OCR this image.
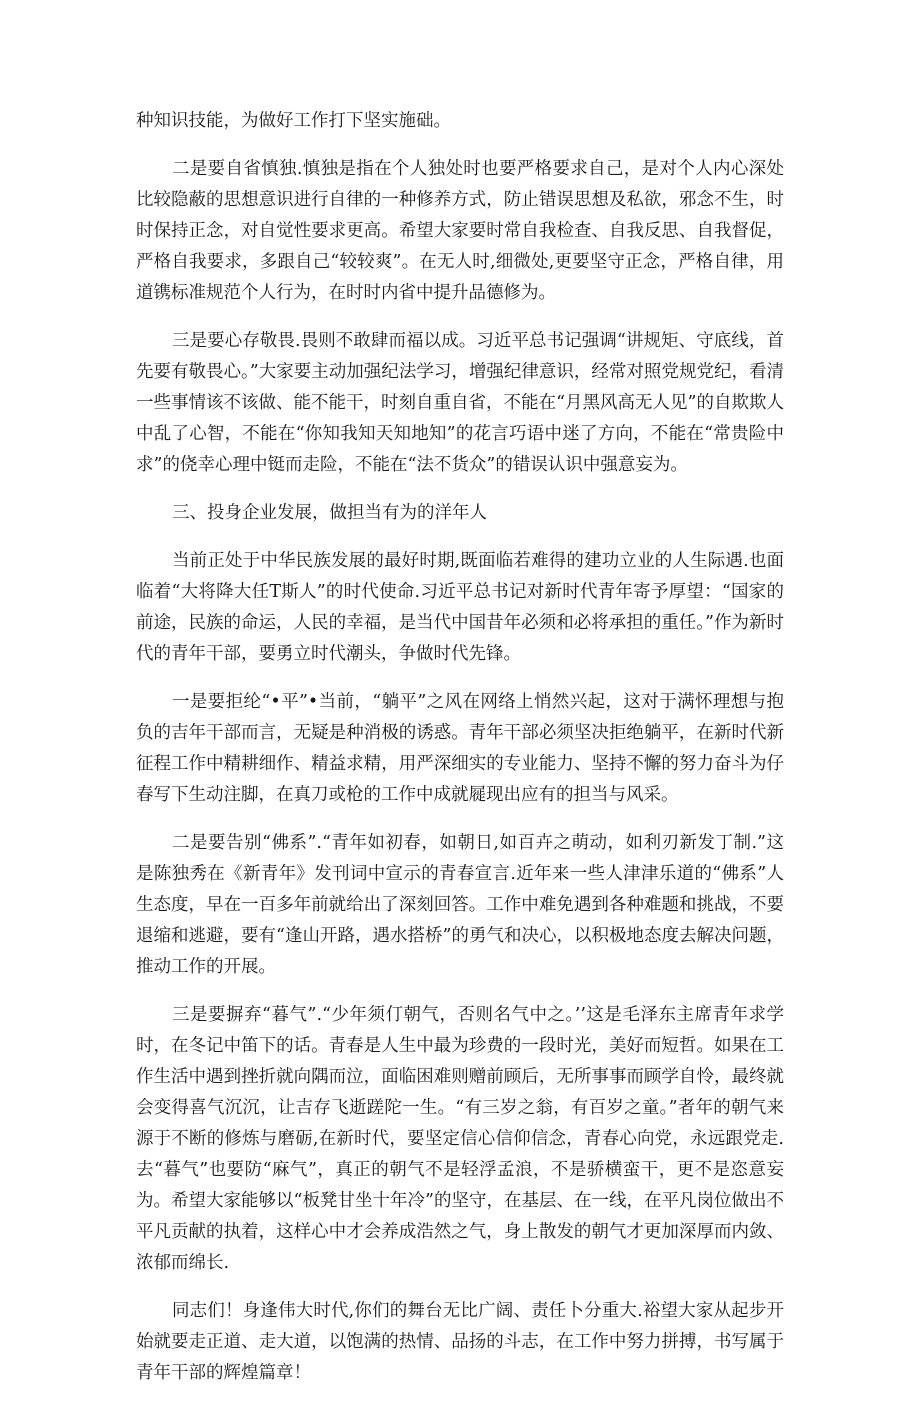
种知识技能，为做好工作打下坚实施础。

二是要自省慎独.慎独是指在个人独处时也要严格要求自己，是对个人内心深处比较隐蔽的思想意识进行自律的一种修养方式，防止错误思想及私欲，邪念不生，时时保持正念，对自觉性要求更高。希望大家要时常自我检查、自我反思、自我督促，严格自我要求，多跟自己“较较爽”。在无人时,细微处,更要坚守正念，严格自律，用道镌标准规范个人行为，在时时内省中提升品德修为。

三是要心存敬畏.畏则不敢肆而福以成。习近平总书记强调“讲规矩、守底线，首先要有敬畏心。”大家要主动加强纪法学习，增强纪律意识，经常对照党规党纪，看清一些事情该不该做、能不能干，时刻自重自省，不能在“月黑风高无人见”的自欺欺人中乱了心智，不能在“你知我知天知地知”的花言巧语中迷了方向，不能在“常贵险中求”的侥幸心理中铤而走险，不能在“法不货众”的错误认识中强意妄为。

三、投身企业发展，做担当有为的洋年人

当前正处于中华民族发展的最好时期,既面临若难得的建功立业的人生际遇.也面临着“大将降大任T斯人”的时代使命.习近平总书记对新时代青年寄予厚望：“国家的前途，民族的命运，人民的幸福，是当代中国昔年必须和必将承担的重任。”作为新时代的青年干部，要勇立时代潮头，争做时代先锋。

一是要拒纶“•平”•当前，“躺平”之风在网络上悄然兴起，这对于满怀理想与抱负的吉年干部而言，无疑是种消极的诱惑。青年干部必须坚决拒绝躺平，在新时代新征程工作中精耕细作、精益求精，用严深细实的专业能力、坚持不懈的努力奋斗为仔春写下生动注脚，在真刀或枪的工作中成就屣现出应有的担当与风采。

二是要告别“佛系”.“青年如初春，如朝日,如百卉之萌动，如利刃新发丁制.”这是陈独秀在《新青年》发刊词中宣示的青春宣言.近年来一些人津津乐道的“佛系”人生态度，早在一百多年前就给出了深刻回答。工作中难免遇到各种难题和挑战，不要退缩和逃避，要有“逢山开路，遇水搭桥”的勇气和决心，以积极地态度去解决问题，推动工作的开展。

三是要摒弃“暮气”.“少年须仃朝气，否则名气中之。’’这是毛泽东主席青年求学时，在冬记中笛下的话。青春是人生中最为珍费的一段时光，美好而短哲。如果在工作生活中遇到挫折就向隅而泣，面临困难则赠前顾后，无所事事而顾学自怜，最终就会变得喜气沉沉，让吉存飞逝蹉陀一生。“有三岁之翁，有百岁之童。”者年的朝气来源于不断的修炼与磨砺,在新时代，要坚定信心信仰信念，青春心向党，永远跟党走.去“暮气”也要防“麻气”，真正的朝气不是轻浮孟浪，不是骄横蛮干，更不是恣意妄为。希望大家能够以“板凳甘坐十年冷”的坚守，在基层、在一线，在平凡岗位做出不平凡贡献的执着，这样心中才会养成浩然之气，身上散发的朝气才更加深厚而内敛、浓郁而绵长.

同志们！身逢伟大时代,你们的舞台无比广阔、责任卜分重大.裕望大家从起步开始就要走正道、走大道，以饱满的热情、品扬的斗志，在工作中努力拼搏，书写属于青年干部的辉煌篇章！
